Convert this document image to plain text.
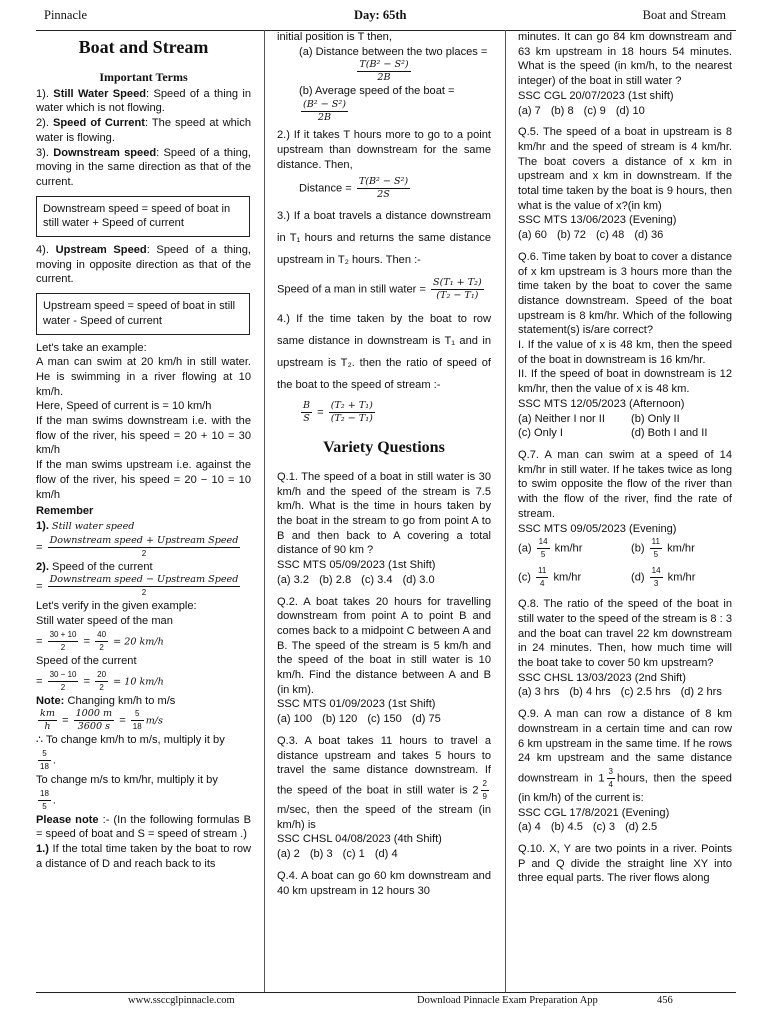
Pinnacle	Day: 65th	Boat and Stream
Boat and Stream
Important Terms

1). Still Water Speed: Speed of a thing in water which is not flowing.

2). Speed of Current: The speed at which water is flowing.

3). Downstream speed: Speed of a thing, moving in the same direction as that of the current.

Downstream speed = speed of boat in still water + Speed of current

4). Upstream Speed: Speed of a thing, moving in opposite direction as that of the current.

Upstream speed = speed of boat in still water - Speed of current

Let's take an example:

A man can swim at 20 km/h in still water. He is swimming in a river flowing at 10 km/h.

Here, Speed of current is = 10 km/h

If the man swims downstream i.e. with the flow of the river, his speed = 20 + 10 = 30 km/h

If the man swims upstream i.e. against the flow of the river, his speed = 20 − 10 = 10 km/h

Remember

1). Still water speed

= $\frac{\text{Downstream speed + Upstream Speed}}{2}$

2). Speed of the current

= $\frac{\text{Downstream speed − Upstream Speed}}{2}$

Let's verify in the given example:

Still water speed of the man

= $\frac{30 + 10}{2} = \frac{40}{2} = 20$ km/h

Speed of the current

= $\frac{30 - 10}{2} = \frac{20}{2} = 10$ km/h

Note: Changing km/h to m/s

$\frac{km}{h} = \frac{1000 m}{3600 s} = \frac{5}{18} m/s$

∴ To change km/h to m/s, multiply it by

$\frac{5}{18}$ .

To change m/s to km/hr, multiply it by

$\frac{18}{5}$ .

Please note :- (In the following formulas B = speed of boat and S = speed of stream .)

1.) If the total time taken by the boat to row a distance of D and reach back to its

initial position is T then,

(a) Distance between the two places =

$\frac{\text{T(B² − S²)}}{2B}$

(b) Average speed of the boat =

$\frac{\text{(B² − S²)}}{2B}$

2.) If it takes T hours more to go to a point upstream than downstream for the same distance. Then,

Distance = $\frac{\text{T(B² − S²)}}{2S}$

3.) If a boat travels a distance downstream in T₁ hours and returns the same distance upstream in T₂ hours. Then :-

Speed of a man in still water = $\frac{\text{S(T₁ + T₂)}}{\text{(T₂ − T₁)}}$

4.) If the time taken by the boat to row same distance in downstream is T₁ and in upstream is T₂. then the ratio of speed of the boat to the speed of stream :-

$\frac{B}{S} = \frac{\text{(T₂ + T₁)}}{\text{(T₂ − T₁)}}$

Variety Questions

Q.1. The speed of a boat in still water is 30 km/h and the speed of the stream is 7.5 km/h. What is the time in hours taken by the boat in the stream to go from point A to B and then back to A covering a total distance of 90 km ?

SSC MTS 05/09/2023 (1st Shift)

(a) 3.2 (b) 2.8 (c) 3.4 (d) 3.0

Q.2. A boat takes 20 hours for travelling downstream from point A to point B and comes back to a midpoint C between A and B. The speed of the stream is 5 km/h and the speed of the boat in still water is 10 km/h. Find the distance between A and B (in km).

SSC MTS 01/09/2023 (1st Shift)

(a) 100 (b) 120 (c) 150 (d) 75

Q.3. A boat takes 11 hours to travel a distance upstream and takes 5 hours to travel the same distance downstream. If the speed of the boat in still water is $2 \frac{2}{9}$
m/sec, then the speed of the stream (in km/h) is

SSC CHSL 04/08/2023 (4th Shift)

(a) 2 (b) 3 (c) 1 (d) 4

Q.4. A boat can go 60 km downstream and 40 km upstream in 12 hours 30

minutes. It can go 84 km downstream and 63 km upstream in 18 hours 54 minutes. What is the speed (in km/h, to the nearest integer) of the boat in still water ?

SSC CGL 20/07/2023 (1st shift)

(a) 7 (b) 8 (c) 9 (d) 10

Q.5. The speed of a boat in upstream is 8 km/hr and the speed of stream is 4 km/hr. The boat covers a distance of x km in upstream and x km in downstream. If the total time taken by the boat is 9 hours, then what is the value of x?(in km)

SSC MTS 13/06/2023 (Evening)

(a) 60 (b) 72 (c) 48 (d) 36

Q.6. Time taken by boat to cover a distance of x km upstream is 3 hours more than the time taken by the boat to cover the same distance downstream. Speed of the boat upstream is 8 km/hr. Which of the following statement(s) is/are correct?

I. If the value of x is 48 km, then the speed of the boat in downstream is 16 km/hr.

II. If the speed of boat in downstream is 12 km/hr, then the value of x is 48 km.

SSC MTS 12/05/2023 (Afternoon)

(a) Neither I nor II	(b) Only II
(c) Only I	(d) Both I and II

Q.7. A man can swim at a speed of 14 km/hr in still water. If he takes twice as long to swim opposite the flow of the river than with the flow of the river, find the rate of stream.

SSC MTS 09/05/2023 (Evening)

$(a) \frac{14}{5} km/hr$	$(b) \frac{11}{5} km/hr$
$(c) \frac{11}{4} km/hr$	$(d) \frac{14}{3} km/hr$

Q.8. The ratio of the speed of the boat in still water to the speed of the stream is 8 : 3 and the boat can travel 22 km downstream in 24 minutes. Then, how much time will the boat take to cover 50 km upstream?

SSC CHSL 13/03/2023 (2nd Shift)

(a) 3 hrs (b) 4 hrs (c) 2.5 hrs (d) 2 hrs

Q.9. A man can row a distance of 8 km downstream in a certain time and can row 6 km upstream in the same time. If he rows 24 km upstream and the same distance downstream in $1 \frac{3}{4}$ hours, then the speed (in km/h) of the current is:

SSC CGL 17/8/2021 (Evening)

(a) 4 (b) 4.5 (c) 3 (d) 2.5

Q.10. X, Y are two points in a river. Points P and Q divide the straight line XY into three equal parts. The river flows along

www.ssccglpinnacle.com	Download Pinnacle Exam Preparation App	456
